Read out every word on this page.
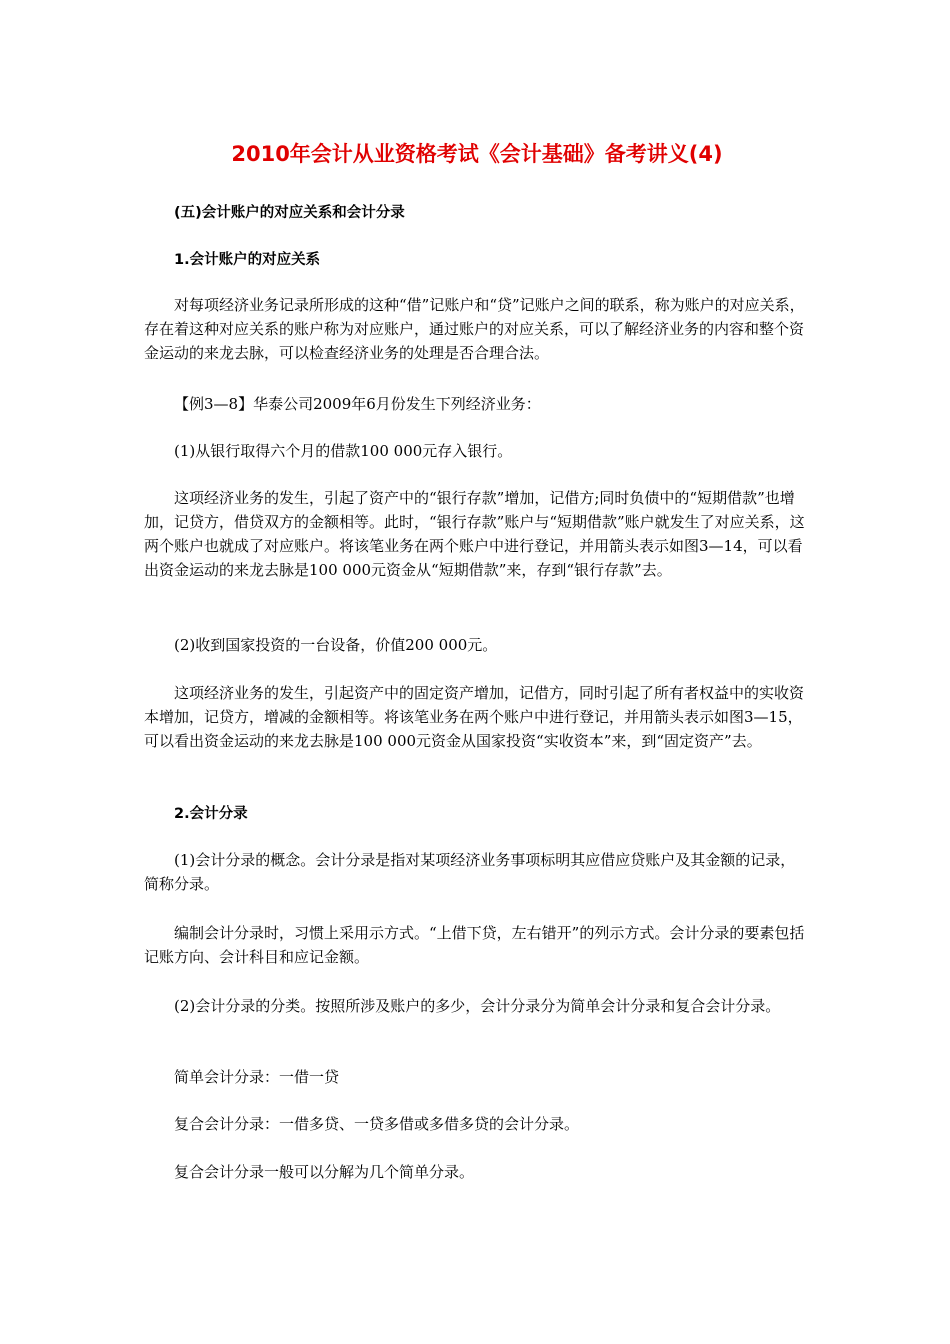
2010年会计从业资格考试《会计基础》备考讲义(4)
(五)会计账户的对应关系和会计分录
1.会计账户的对应关系

对每项经济业务记录所形成的这种“借”记账户和“贷”记账户之间的联系，称为账户的对应关系，存在着这种对应关系的账户称为对应账户，通过账户的对应关系，可以了解经济业务的内容和整个资金运动的来龙去脉，可以检查经济业务的处理是否合理合法。

【例3—8】华泰公司2009年6月份发生下列经济业务：

(1)从银行取得六个月的借款100 000元存入银行。

这项经济业务的发生，引起了资产中的“银行存款”增加，记借方;同时负债中的“短期借款”也增加，记贷方，借贷双方的金额相等。此时，“银行存款”账户与“短期借款”账户就发生了对应关系，这两个账户也就成了对应账户。将该笔业务在两个账户中进行登记，并用箭头表示如图3—14，可以看出资金运动的来龙去脉是100 000元资金从“短期借款”来，存到“银行存款”去。

(2)收到国家投资的一台设备，价值200 000元。

这项经济业务的发生，引起资产中的固定资产增加，记借方，同时引起了所有者权益中的实收资本增加，记贷方，增减的金额相等。将该笔业务在两个账户中进行登记，并用箭头表示如图3—15，可以看出资金运动的来龙去脉是100 000元资金从国家投资“实收资本”来，到“固定资产”去。

2.会计分录

(1)会计分录的概念。会计分录是指对某项经济业务事项标明其应借应贷账户及其金额的记录，简称分录。

编制会计分录时，习惯上采用示方式。“上借下贷，左右错开”的列示方式。会计分录的要素包括记账方向、会计科目和应记金额。

(2)会计分录的分类。按照所涉及账户的多少，会计分录分为简单会计分录和复合会计分录。

简单会计分录：一借一贷

复合会计分录：一借多贷、一贷多借或多借多贷的会计分录。

复合会计分录一般可以分解为几个简单分录。
